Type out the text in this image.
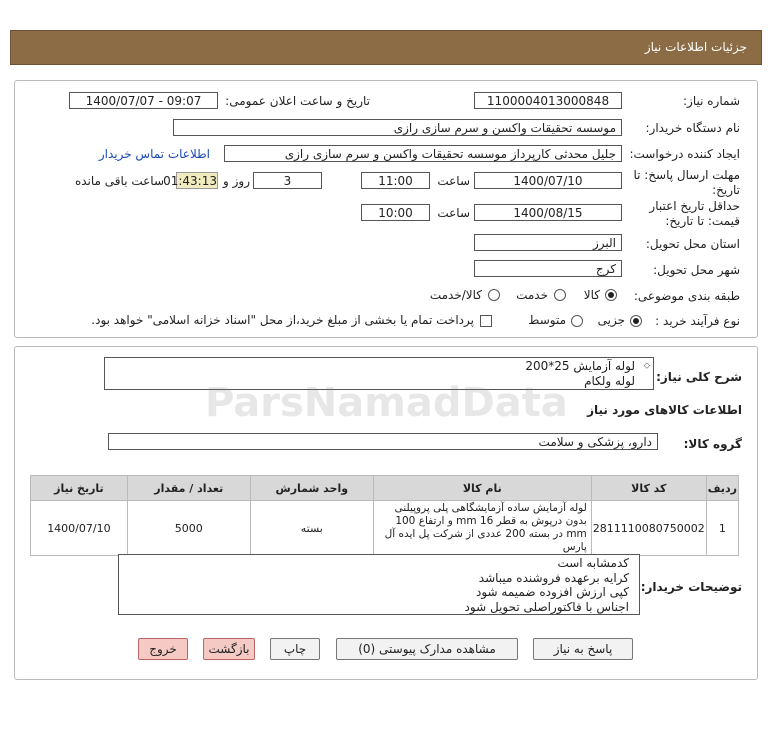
جزئیات اطلاعات نیاز
شماره نیاز:
1100004013000848
تاریخ و ساعت اعلان عمومی:
1400/07/07 - 09:07
نام دستگاه خریدار:
موسسه تحقیقات واکسن و سرم سازی رازی
ایجاد کننده درخواست:
جلیل محدثی کارپرداز موسسه تحقیقات واکسن و سرم سازی رازی
اطلاعات تماس خریدار
مهلت ارسال پاسخ: تا
تاریخ:
1400/07/10
ساعت
11:00
3
روز و
01:43:13
ساعت باقی مانده
حداقل تاریخ اعتبار
قیمت: تا تاریخ:
1400/08/15
ساعت
10:00
استان محل تحویل:
البرز
شهر محل تحویل:
کرج
طبقه بندی موضوعی:
کالا
خدمت
کالا/خدمت
نوع فرآیند خرید :
جزیی
متوسط
پرداخت تمام یا بخشی از مبلغ خرید،از محل "اسناد خزانه اسلامی" خواهد بود.
شرح کلی نیاز:
لوله آزمایش 25*200
لوله ولکام
⬦
اطلاعات کالاهای مورد نیاز
گروه کالا:
دارو، پزشکی و سلامت
ردیف	کد کالا	نام کالا	واحد شمارش	تعداد / مقدار	تاریخ نیاز
1	2811110080750002	لوله آزمایش ساده آزمایشگاهی پلی پروپیلنی بدون درپوش به قطر 16 mm و ارتفاع 100 mm در بسته 200 عددی از شرکت پل ایده آل پارس	بسته	5000	1400/07/10
توضیحات خریدار:
کدمشابه است
کرایه برعهده فروشنده میباشد
کپی ارزش افزوده ضمیمه شود
اجناس با فاکتوراصلی تحویل شود
پاسخ به نیاز
مشاهده مدارک پیوستی (0)
چاپ
بازگشت
خروج
